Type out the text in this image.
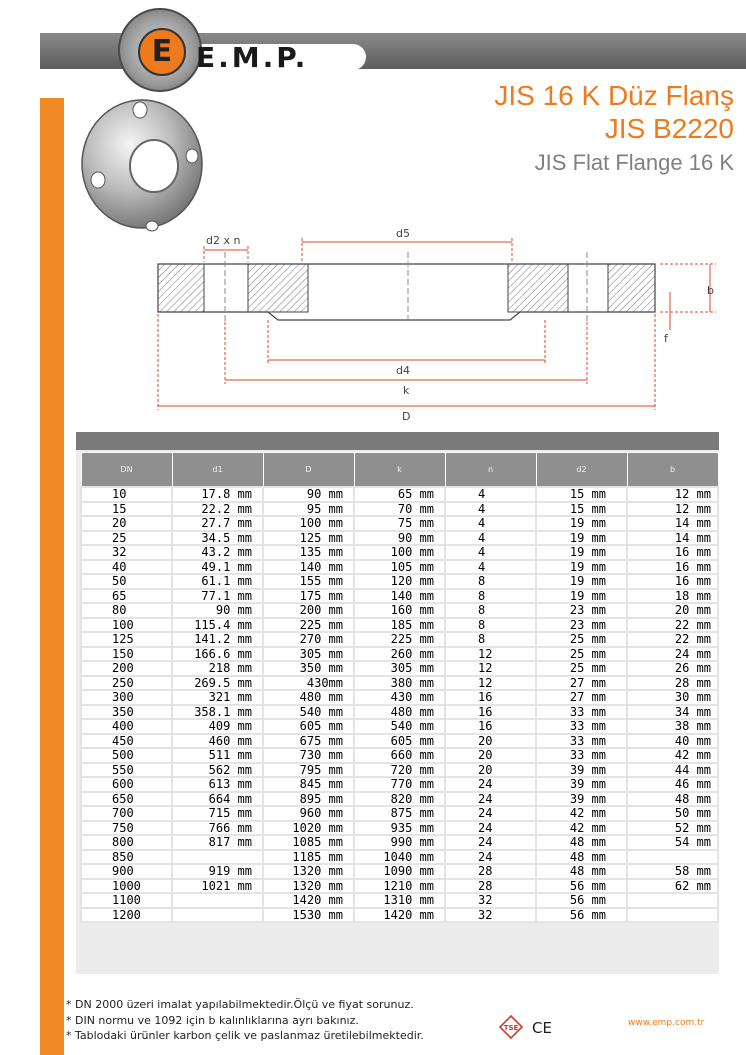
E E.M.P.
JIS 16 K Düz Flanş
JIS B2220
JIS Flat Flange 16 K
d2 x n
d5
b
f
d4
k
D
DN	d1	D	k	n	d2	b
10	17.8 mm	90 mm	65 mm	4	15 mm	12 mm
15	22.2 mm	95 mm	70 mm	4	15 mm	12 mm
20	27.7 mm	100 mm	75 mm	4	19 mm	14 mm
25	34.5 mm	125 mm	90 mm	4	19 mm	14 mm
32	43.2 mm	135 mm	100 mm	4	19 mm	16 mm
40	49.1 mm	140 mm	105 mm	4	19 mm	16 mm
50	61.1 mm	155 mm	120 mm	8	19 mm	16 mm
65	77.1 mm	175 mm	140 mm	8	19 mm	18 mm
80	90 mm	200 mm	160 mm	8	23 mm	20 mm
100	115.4 mm	225 mm	185 mm	8	23 mm	22 mm
125	141.2 mm	270 mm	225 mm	8	25 mm	22 mm
150	166.6 mm	305 mm	260 mm	12	25 mm	24 mm
200	218 mm	350 mm	305 mm	12	25 mm	26 mm
250	269.5 mm	430mm	380 mm	12	27 mm	28 mm
300	321 mm	480 mm	430 mm	16	27 mm	30 mm
350	358.1 mm	540 mm	480 mm	16	33 mm	34 mm
400	409 mm	605 mm	540 mm	16	33 mm	38 mm
450	460 mm	675 mm	605 mm	20	33 mm	40 mm
500	511 mm	730 mm	660 mm	20	33 mm	42 mm
550	562 mm	795 mm	720 mm	20	39 mm	44 mm
600	613 mm	845 mm	770 mm	24	39 mm	46 mm
650	664 mm	895 mm	820 mm	24	39 mm	48 mm
700	715 mm	960 mm	875 mm	24	42 mm	50 mm
750	766 mm	1020 mm	935 mm	24	42 mm	52 mm
800	817 mm	1085 mm	990 mm	24	48 mm	54 mm
850		1185 mm	1040 mm	24	48 mm	
900	919 mm	1320 mm	1090 mm	28	48 mm	58 mm
1000	1021 mm	1320 mm	1210 mm	28	56 mm	62 mm
1100		1420 mm	1310 mm	32	56 mm	
1200		1530 mm	1420 mm	32	56 mm	
* DN 2000 üzeri imalat yapılabilmektedir.Ölçü ve fiyat sorunuz.
* DIN normu ve 1092 için b kalınlıklarına ayrı bakınız.
* Tablodaki ürünler karbon çelik ve paslanmaz üretilebilmektedir.
TSE CE	www.emp.com.tr
